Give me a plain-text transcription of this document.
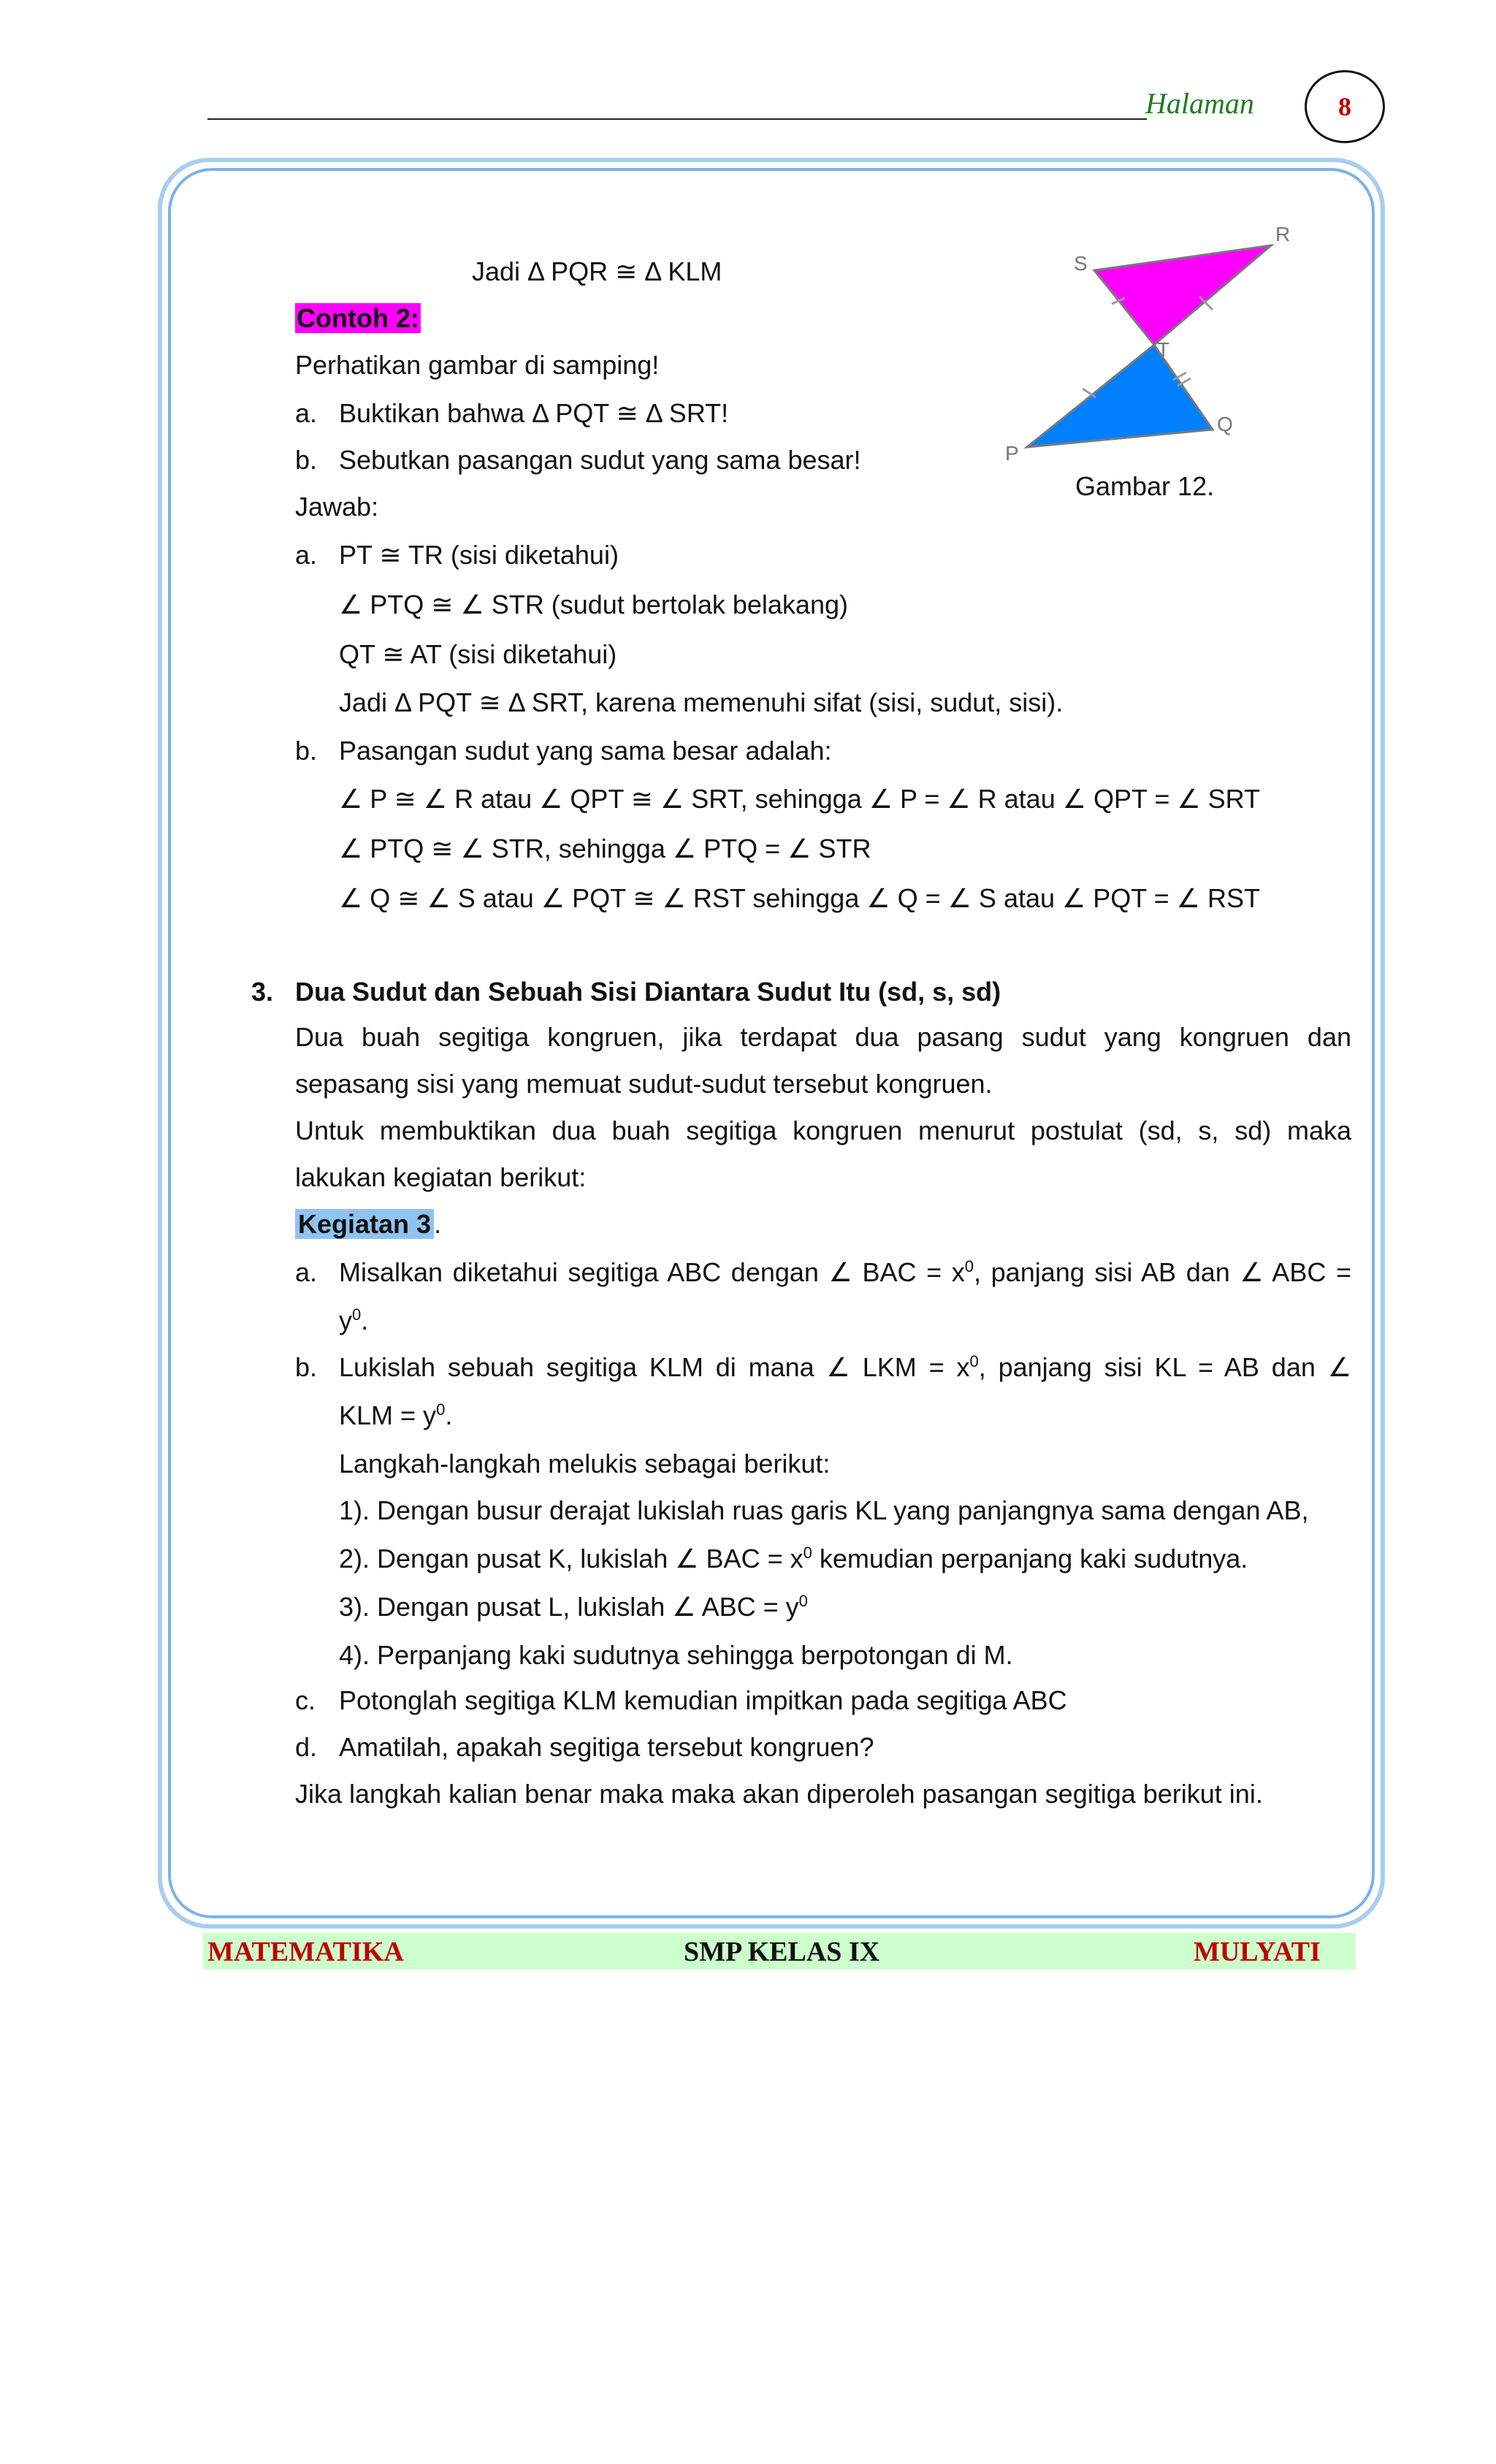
Halaman	8
S
R
T
P
Q
Gambar 12.
Jadi Δ PQR ≅ Δ KLM
Contoh 2:
Perhatikan gambar di samping!
a. Buktikan bahwa Δ PQT ≅ Δ SRT!
b. Sebutkan pasangan sudut yang sama besar!
Jawab:
a. PT ≅ TR (sisi diketahui)
∠ PTQ ≅ ∠ STR (sudut bertolak belakang)
QT ≅ AT (sisi diketahui)
Jadi Δ PQT ≅ Δ SRT, karena memenuhi sifat (sisi, sudut, sisi).
b. Pasangan sudut yang sama besar adalah:
∠ P ≅ ∠ R atau ∠ QPT ≅ ∠ SRT, sehingga ∠ P = ∠ R atau ∠ QPT = ∠ SRT
∠ PTQ ≅ ∠ STR, sehingga ∠ PTQ = ∠ STR
∠ Q ≅ ∠ S atau ∠ PQT ≅ ∠ RST sehingga ∠ Q = ∠ S atau ∠ PQT = ∠ RST
3. Dua Sudut dan Sebuah Sisi Diantara Sudut Itu (sd, s, sd)
Dua buah segitiga kongruen, jika terdapat dua pasang sudut yang kongruen dan
sepasang sisi yang memuat sudut-sudut tersebut kongruen.
Untuk membuktikan dua buah segitiga kongruen menurut postulat (sd, s, sd) maka
lakukan kegiatan berikut:
Kegiatan 3 .
a. Misalkan diketahui segitiga ABC dengan ∠ BAC = $x^0$, panjang sisi AB dan ∠ ABC =
$y^0$.
b. Lukislah sebuah segitiga KLM di mana ∠ LKM = $x^0$, panjang sisi KL = AB dan ∠
KLM = $y^0$.
Langkah-langkah melukis sebagai berikut:
1). Dengan busur derajat lukislah ruas garis KL yang panjangnya sama dengan AB,
2). Dengan pusat K, lukislah ∠ BAC = $x^0$ kemudian perpanjang kaki sudutnya.
3). Dengan pusat L, lukislah ∠ ABC = $y^0$
4). Perpanjang kaki sudutnya sehingga berpotongan di M.
c. Potonglah segitiga KLM kemudian impitkan pada segitiga ABC
d. Amatilah, apakah segitiga tersebut kongruen?
Jika langkah kalian benar maka maka akan diperoleh pasangan segitiga berikut ini.
MATEMATIKA	SMP KELAS IX	MULYATI
